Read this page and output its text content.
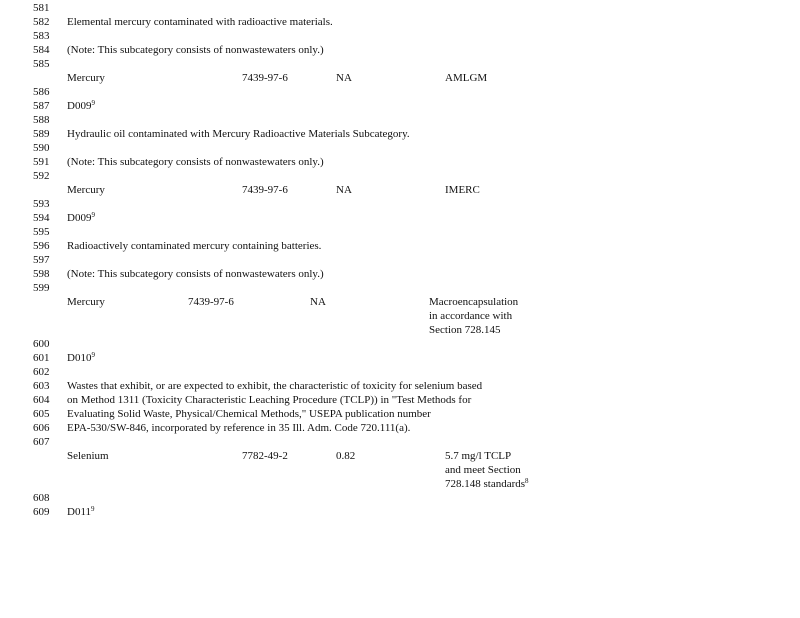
581
582
583
584
585
586
587
588
589
590
591
592
593
594
595
596
597
598
599
600
601
602
603
604
605
606
607
608
609
Elemental mercury contaminated with radioactive materials.
(Note: This subcategory consists of nonwastewaters only.)
Mercury	7439-97-6	NA	AMLGM
$D009^9$
Hydraulic oil contaminated with Mercury Radioactive Materials Subcategory.
(Note: This subcategory consists of nonwastewaters only.)
Mercury	7439-97-6	NA	IMERC
$D009^9$
Radioactively contaminated mercury containing batteries.
(Note: This subcategory consists of nonwastewaters only.)
Mercury	7439-97-6	NA	Macroencapsulation
in accordance with
Section 728.145
$D010^9$
Wastes that exhibit, or are expected to exhibit, the characteristic of toxicity for selenium based
on Method 1311 (Toxicity Characteristic Leaching Procedure (TCLP)) in "Test Methods for
Evaluating Solid Waste, Physical/Chemical Methods," USEPA publication number
EPA-530/SW-846, incorporated by reference in 35 Ill. Adm. Code 720.111(a).
Selenium	7782-49-2	0.82	5.7 mg/l TCLP
and meet Section
728.148 standards$^8$
$D011^9$
